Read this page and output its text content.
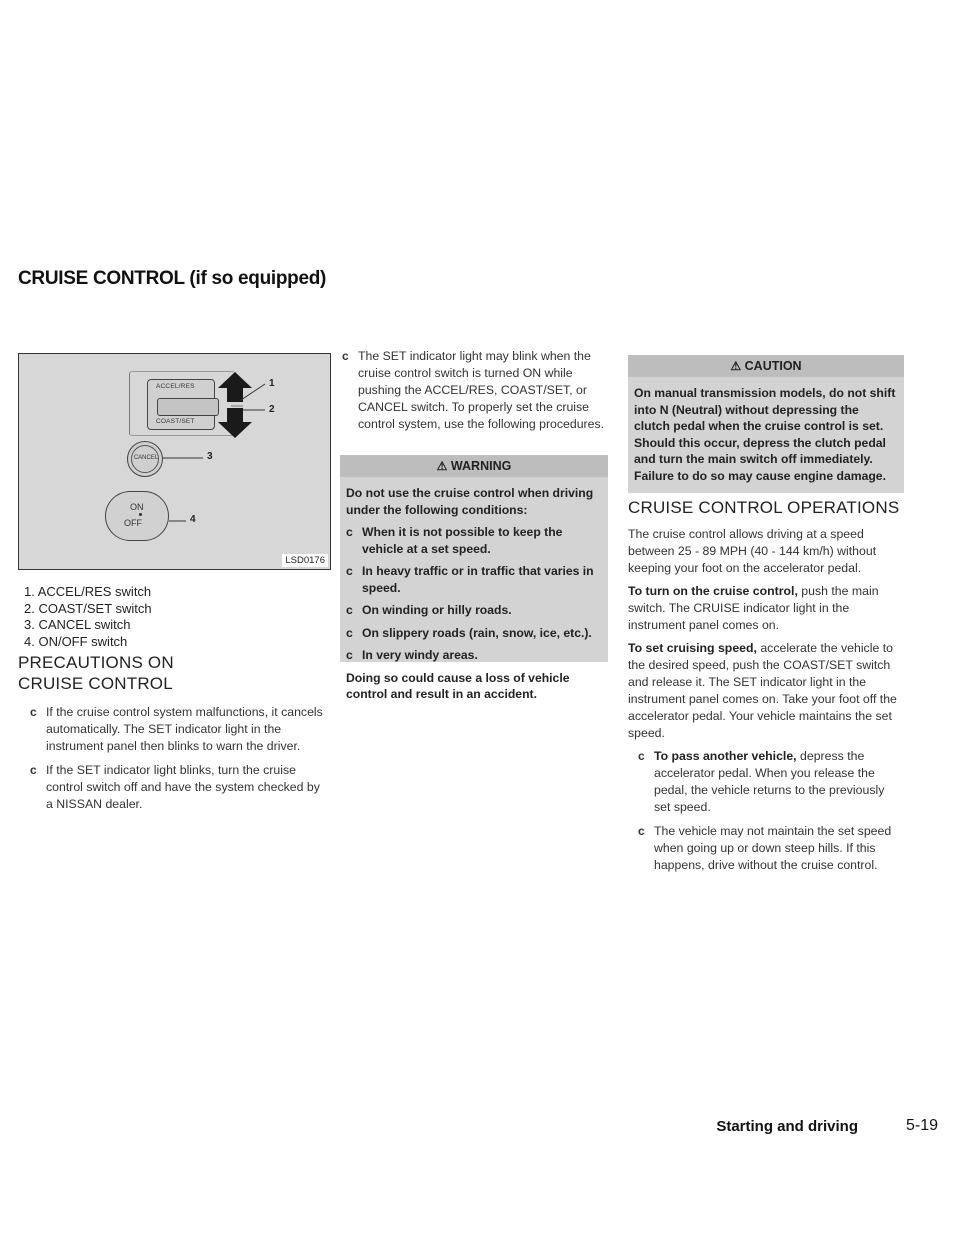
CRUISE CONTROL (if so equipped)
ACCEL/RES
COAST/SET
1
2
3
4
CANCEL
ON
OFF
LSD0176
1. ACCEL/RES switch
2. COAST/SET switch
3. CANCEL switch
4. ON/OFF switch
PRECAUTIONS ON CRUISE CONTROL
c If the cruise control system malfunctions, it cancels automatically. The SET indicator light in the instrument panel then blinks to warn the driver.
c If the SET indicator light blinks, turn the cruise control switch off and have the system checked by a NISSAN dealer.
c The SET indicator light may blink when the cruise control switch is turned ON while pushing the ACCEL/RES, COAST/SET, or CANCEL switch. To properly set the cruise control system, use the following procedures.
⚠ WARNING
Do not use the cruise control when driving under the following conditions:
c When it is not possible to keep the vehicle at a set speed.
c In heavy traffic or in traffic that varies in speed.
c On winding or hilly roads.
c On slippery roads (rain, snow, ice, etc.).
c In very windy areas.
Doing so could cause a loss of vehicle control and result in an accident.
⚠ CAUTION
On manual transmission models, do not shift into N (Neutral) without depressing the clutch pedal when the cruise control is set. Should this occur, depress the clutch pedal and turn the main switch off immediately. Failure to do so may cause engine damage.
CRUISE CONTROL OPERATIONS
The cruise control allows driving at a speed between 25 - 89 MPH (40 - 144 km/h) without keeping your foot on the accelerator pedal.
To turn on the cruise control, push the main switch. The CRUISE indicator light in the instrument panel comes on.
To set cruising speed, accelerate the vehicle to the desired speed, push the COAST/SET switch and release it. The SET indicator light in the instrument panel comes on. Take your foot off the accelerator pedal. Your vehicle maintains the set speed.
c To pass another vehicle, depress the accelerator pedal. When you release the pedal, the vehicle returns to the previously set speed.
c The vehicle may not maintain the set speed when going up or down steep hills. If this happens, drive without the cruise control.
Starting and driving	5-19
